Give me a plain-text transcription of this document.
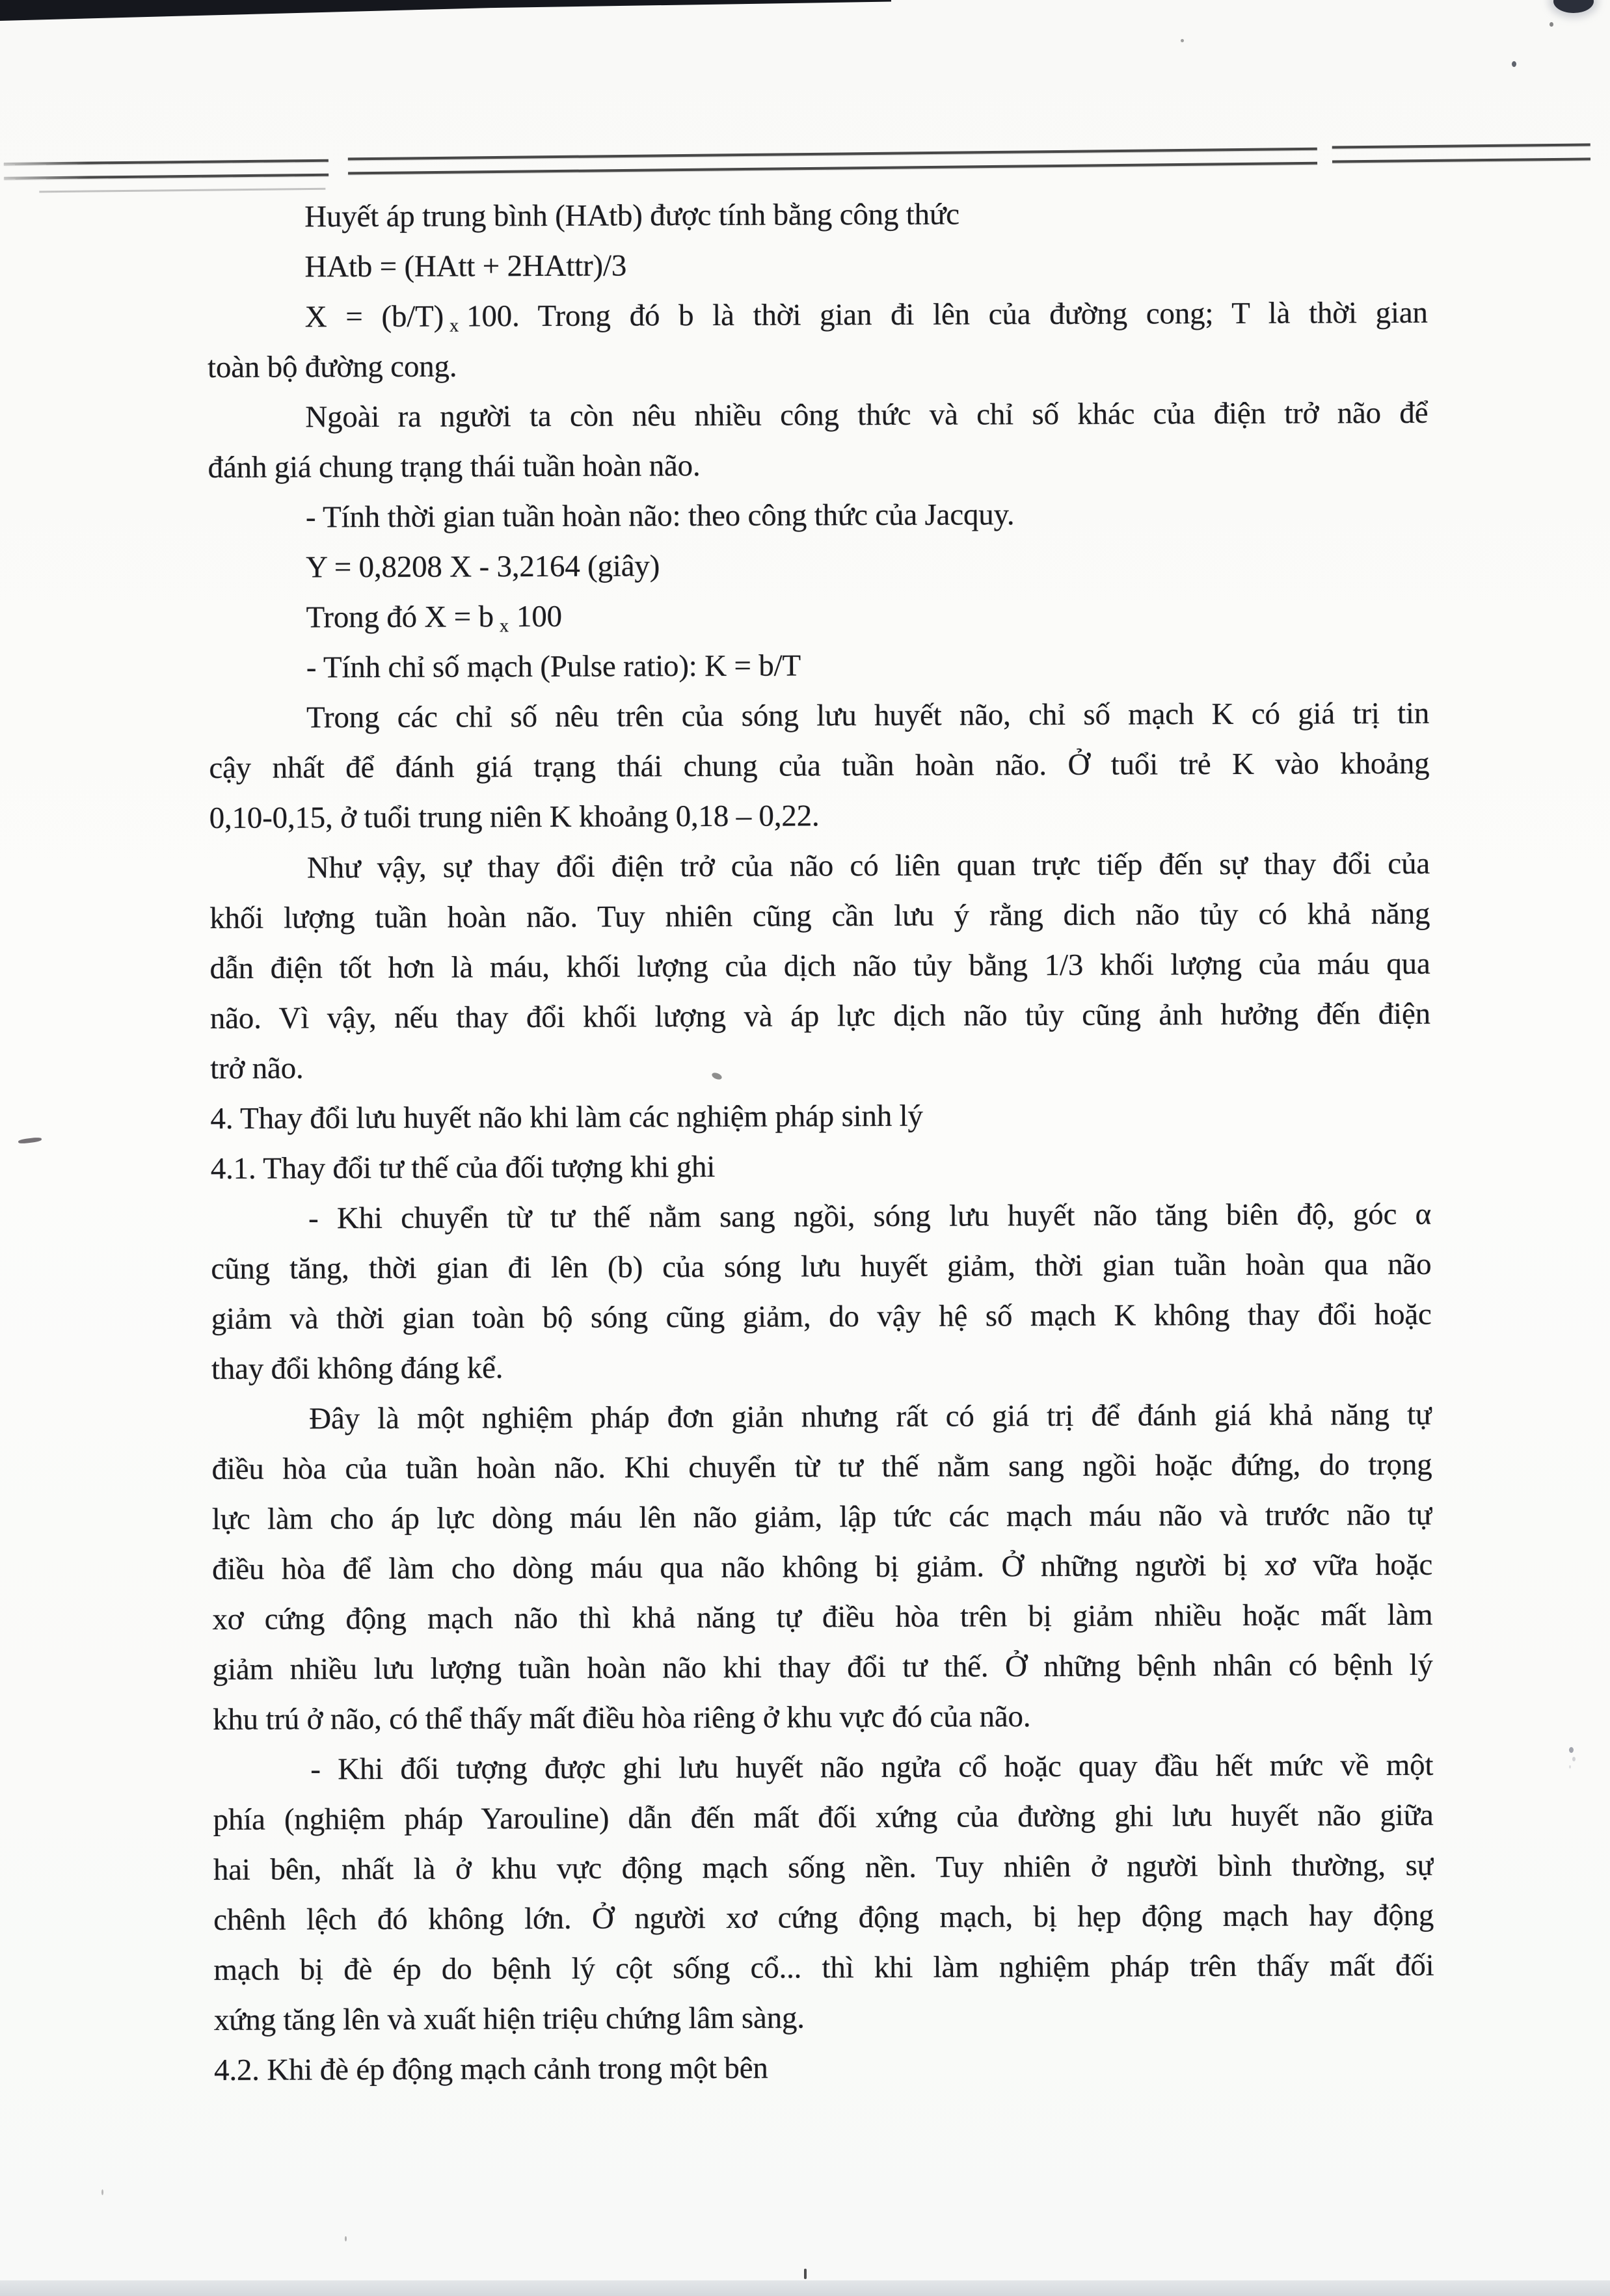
Huyết áp trung bình (HAtb) được tính bằng công thức
HAtb = (HAtt + 2HAttr)/3
X = (b/T) $_x$ 100. Trong đó b là thời gian đi lên của đường cong; T là thời gian
toàn bộ đường cong.
Ngoài ra người ta còn nêu nhiều công thức và chỉ số khác của điện trở não để
đánh giá chung trạng thái tuần hoàn não.
- Tính thời gian tuần hoàn não: theo công thức của Jacquy.
Y = 0,8208 X - 3,2164 (giây)
Trong đó X = b $_x$ 100
- Tính chỉ số mạch (Pulse ratio): K = b/T
Trong các chỉ số nêu trên của sóng lưu huyết não, chỉ số mạch K có giá trị tin
cậy nhất để đánh giá trạng thái chung của tuần hoàn não. Ở tuổi trẻ K vào khoảng
0,10-0,15, ở tuổi trung niên K khoảng 0,18 – 0,22.
Như vậy, sự thay đổi điện trở của não có liên quan trực tiếp đến sự thay đổi của
khối lượng tuần hoàn não. Tuy nhiên cũng cần lưu ý rằng dich não tủy có khả năng
dẫn điện tốt hơn là máu, khối lượng của dịch não tủy bằng 1/3 khối lượng của máu qua
não. Vì vậy, nếu thay đổi khối lượng và áp lực dịch não tủy cũng ảnh hưởng đến điện
trở não.
4. Thay đổi lưu huyết não khi làm các nghiệm pháp sinh lý
4.1. Thay đổi tư thế của đối tượng khi ghi
- Khi chuyển từ tư thế nằm sang ngồi, sóng lưu huyết não tăng biên độ, góc α
cũng tăng, thời gian đi lên (b) của sóng lưu huyết giảm, thời gian tuần hoàn qua não
giảm và thời gian toàn bộ sóng cũng giảm, do vậy hệ số mạch K không thay đổi hoặc
thay đổi không đáng kể.
Đây là một nghiệm pháp đơn giản nhưng rất có giá trị để đánh giá khả năng tự
điều hòa của tuần hoàn não. Khi chuyển từ tư thế nằm sang ngồi hoặc đứng, do trọng
lực làm cho áp lực dòng máu lên não giảm, lập tức các mạch máu não và trước não tự
điều hòa để làm cho dòng máu qua não không bị giảm. Ở những người bị xơ vữa hoặc
xơ cứng động mạch não thì khả năng tự điều hòa trên bị giảm nhiều hoặc mất làm
giảm nhiều lưu lượng tuần hoàn não khi thay đổi tư thế. Ở những bệnh nhân có bệnh lý
khu trú ở não, có thể thấy mất điều hòa riêng ở khu vực đó của não.
- Khi đối tượng được ghi lưu huyết não ngửa cổ hoặc quay đầu hết mức về một
phía (nghiệm pháp Yarouline) dẫn đến mất đối xứng của đường ghi lưu huyết não giữa
hai bên, nhất là ở khu vực động mạch sống nền. Tuy nhiên ở người bình thường, sự
chênh lệch đó không lớn. Ở người xơ cứng động mạch, bị hẹp động mạch hay động
mạch bị đè ép do bệnh lý cột sống cổ... thì khi làm nghiệm pháp trên thấy mất đối
xứng tăng lên và xuất hiện triệu chứng lâm sàng.
4.2. Khi đè ép động mạch cảnh trong một bên
